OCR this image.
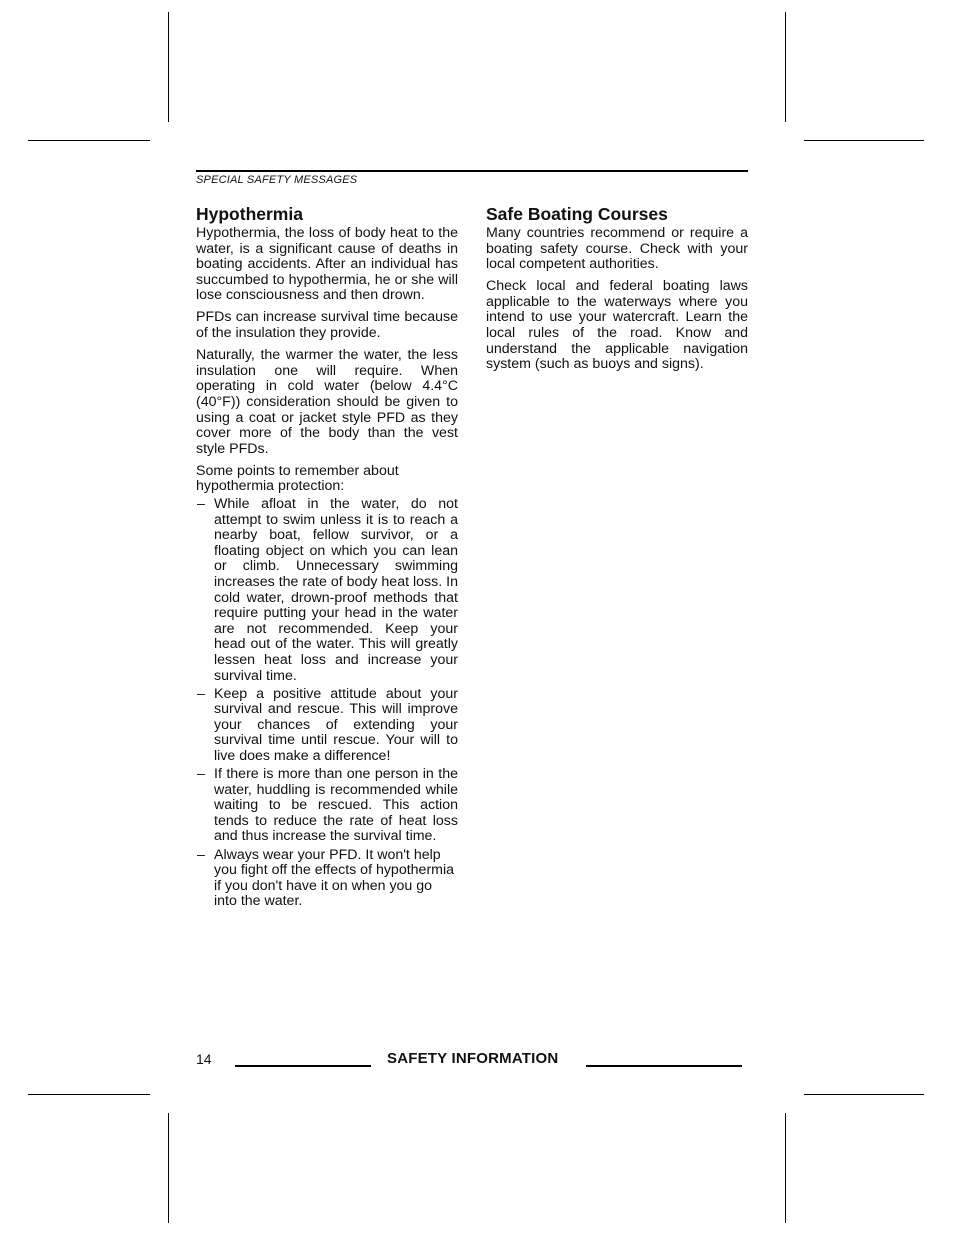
SPECIAL SAFETY MESSAGES
Hypothermia

Hypothermia, the loss of body heat to the water, is a significant cause of deaths in boating accidents. After an individual has succumbed to hypothermia, he or she will lose consciousness and then drown.

PFDs can increase survival time because of the insulation they provide.

Naturally, the warmer the water, the less insulation one will require. When operating in cold water (below 4.4°C (40°F)) consideration should be given to using a coat or jacket style PFD as they cover more of the body than the vest style PFDs.

Some points to remember about hypothermia protection:

– While afloat in the water, do not attempt to swim unless it is to reach a nearby boat, fellow survivor, or a floating object on which you can lean or climb. Unnecessary swimming increases the rate of body heat loss. In cold water, drown-proof methods that require putting your head in the water are not recommended. Keep your head out of the water. This will greatly lessen heat loss and increase your survival time.
– Keep a positive attitude about your survival and rescue. This will improve your chances of extending your survival time until rescue. Your will to live does make a difference!
– If there is more than one person in the water, huddling is recommended while waiting to be rescued. This action tends to reduce the rate of heat loss and thus increase the survival time.
– Always wear your PFD. It won't help you fight off the effects of hypothermia if you don't have it on when you go into the water.
Safe Boating Courses

Many countries recommend or require a boating safety course. Check with your local competent authorities.

Check local and federal boating laws applicable to the waterways where you intend to use your watercraft. Learn the local rules of the road. Know and understand the applicable navigation system (such as buoys and signs).

14	SAFETY INFORMATION
